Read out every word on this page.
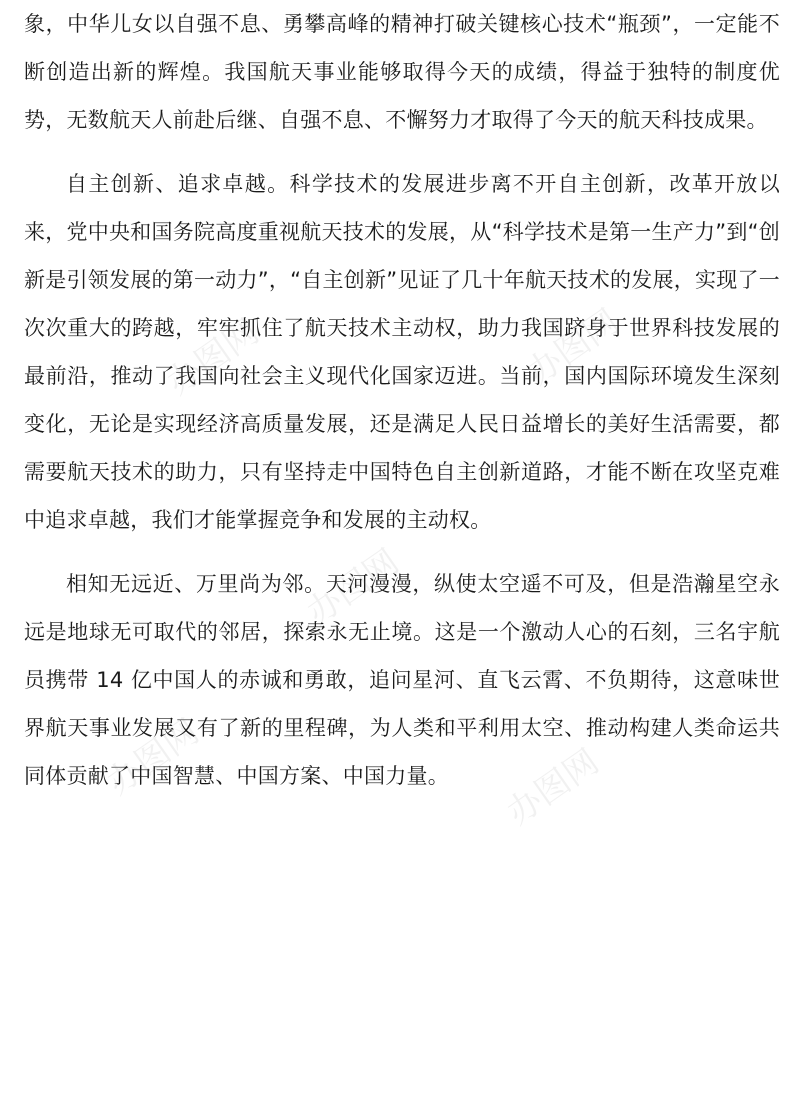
象，中华儿女以自强不息、勇攀高峰的精神打破关键核心技术“瓶颈”，一定能不断创造出新的辉煌。我国航天事业能够取得今天的成绩，得益于独特的制度优势，无数航天人前赴后继、自强不息、不懈努力才取得了今天的航天科技成果。

自主创新、追求卓越。科学技术的发展进步离不开自主创新，改革开放以来，党中央和国务院高度重视航天技术的发展，从“科学技术是第一生产力”到“创新是引领发展的第一动力”，“自主创新”见证了几十年航天技术的发展，实现了一次次重大的跨越，牢牢抓住了航天技术主动权，助力我国跻身于世界科技发展的最前沿，推动了我国向社会主义现代化国家迈进。当前，国内国际环境发生深刻变化，无论是实现经济高质量发展，还是满足人民日益增长的美好生活需要，都需要航天技术的助力，只有坚持走中国特色自主创新道路，才能不断在攻坚克难中追求卓越，我们才能掌握竞争和发展的主动权。

相知无远近、万里尚为邻。天河漫漫，纵使太空遥不可及，但是浩瀚星空永远是地球无可取代的邻居，探索永无止境。这是一个激动人心的石刻，三名宇航员携带 14 亿中国人的赤诚和勇敢，追问星河、直飞云霄、不负期待，这意味世界航天事业发展又有了新的里程碑，为人类和平利用太空、推动构建人类命运共同体贡献了中国智慧、中国方案、中国力量。

办图网	办图网
办图网
办图网	办图网
